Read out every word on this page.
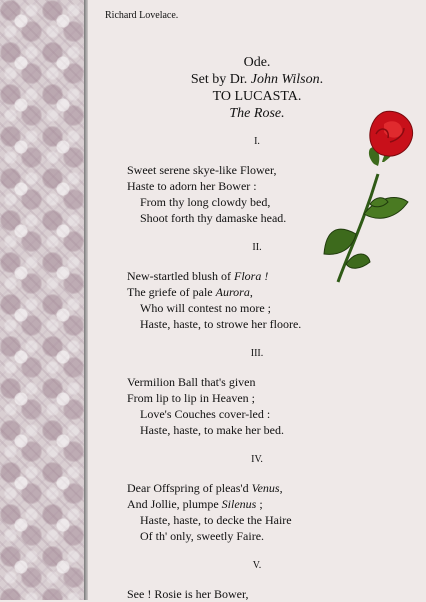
Richard Lovelace.
Ode.
Set by Dr. John Wilson.
TO LUCASTA.
The Rose.
I.
Sweet serene skye-like Flower,
Haste to adorn her Bower :
From thy long clowdy bed,
Shoot forth thy damaske head.
II.
New-startled blush of Flora !
The griefe of pale Aurora,
Who will contest no more ;
Haste, haste, to strowe her floore.
III.
Vermilion Ball that's given
From lip to lip in Heaven ;
Love's Couches cover-led :
Haste, haste, to make her bed.
IV.
Dear Offspring of pleas'd Venus,
And Jollie, plumpe Silenus ;
Haste, haste, to decke the Haire
Of th' only, sweetly Faire.
V.
See ! Rosie is her Bower,
